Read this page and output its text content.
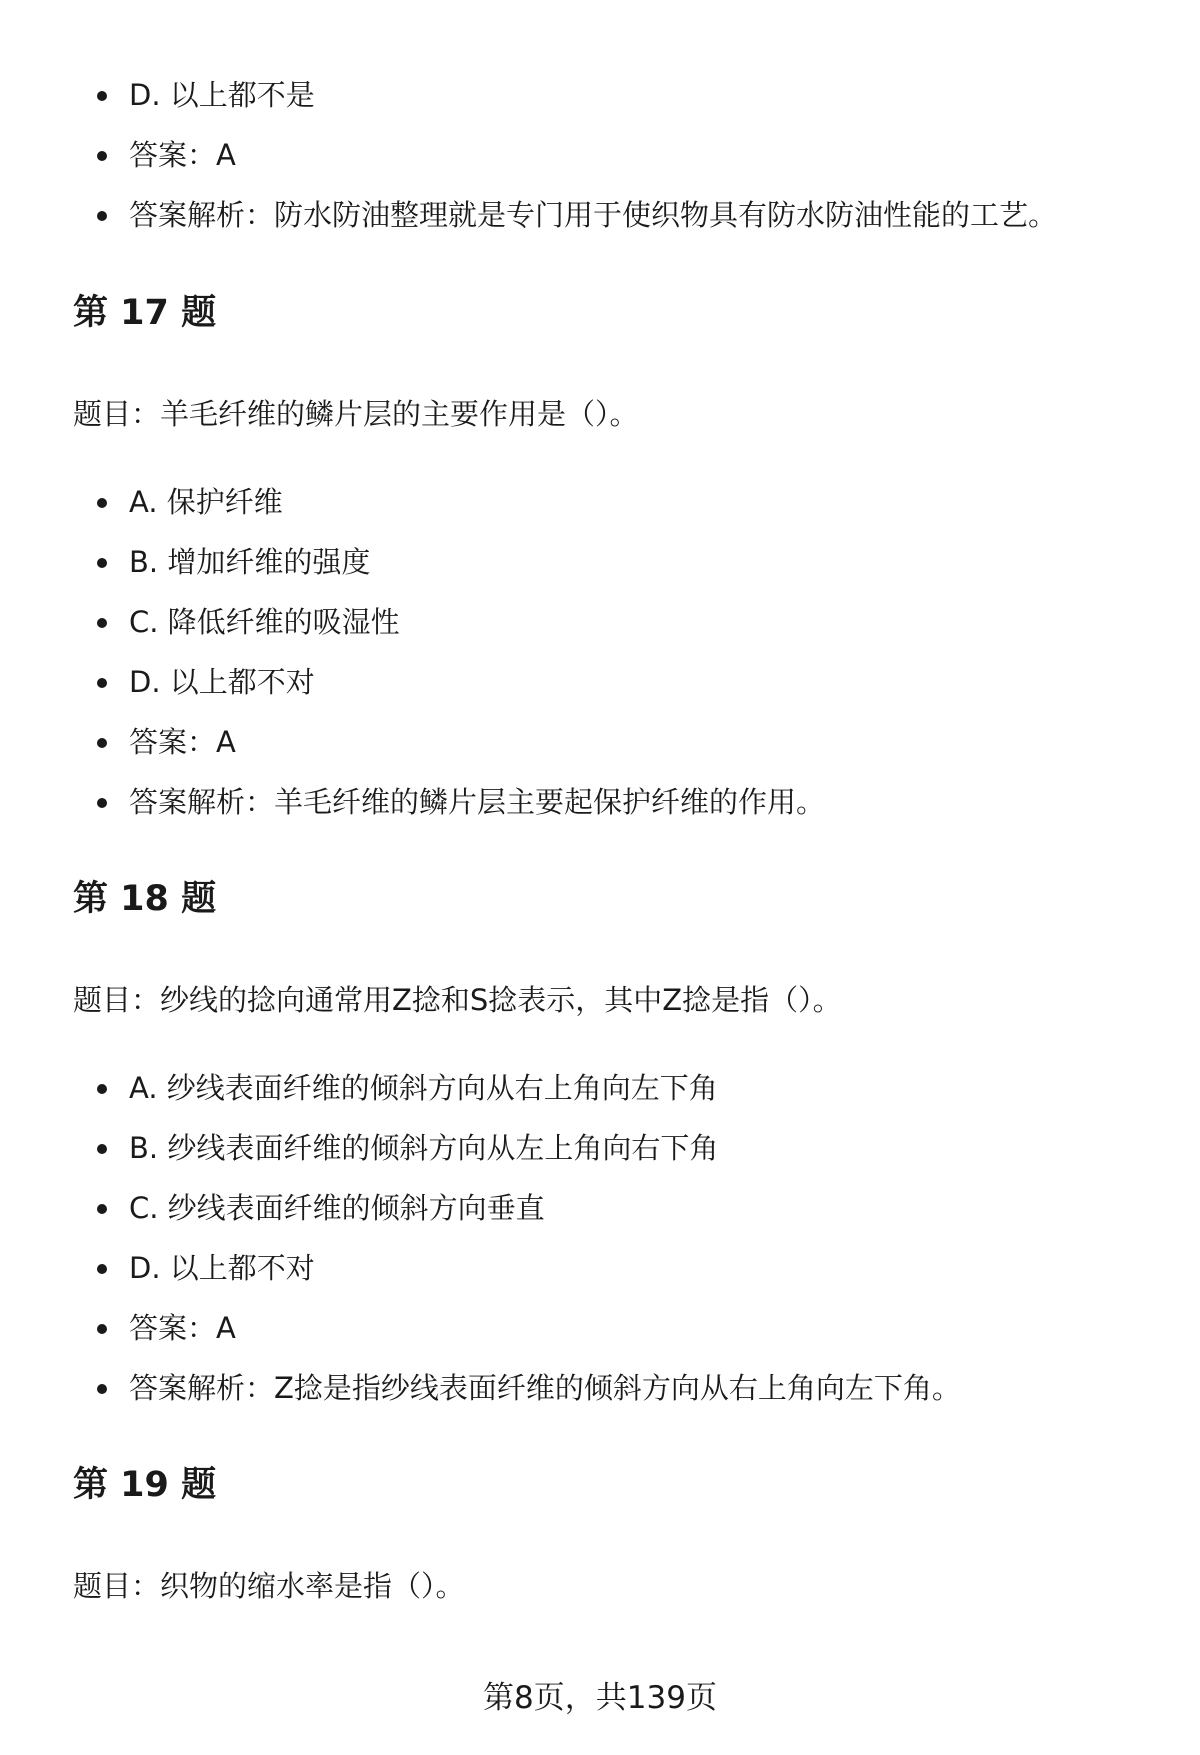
D. 以上都不是
答案：A
答案解析：防水防油整理就是专门用于使织物具有防水防油性能的工艺。
第 17 题
题目：羊毛纤维的鳞片层的主要作用是（）。
A. 保护纤维
B. 增加纤维的强度
C. 降低纤维的吸湿性
D. 以上都不对
答案：A
答案解析：羊毛纤维的鳞片层主要起保护纤维的作用。
第 18 题
题目：纱线的捻向通常用Z捻和S捻表示，其中Z捻是指（）。
A. 纱线表面纤维的倾斜方向从右上角向左下角
B. 纱线表面纤维的倾斜方向从左上角向右下角
C. 纱线表面纤维的倾斜方向垂直
D. 以上都不对
答案：A
答案解析：Z捻是指纱线表面纤维的倾斜方向从右上角向左下角。
第 19 题
题目：织物的缩水率是指（）。
第8页，共139页
